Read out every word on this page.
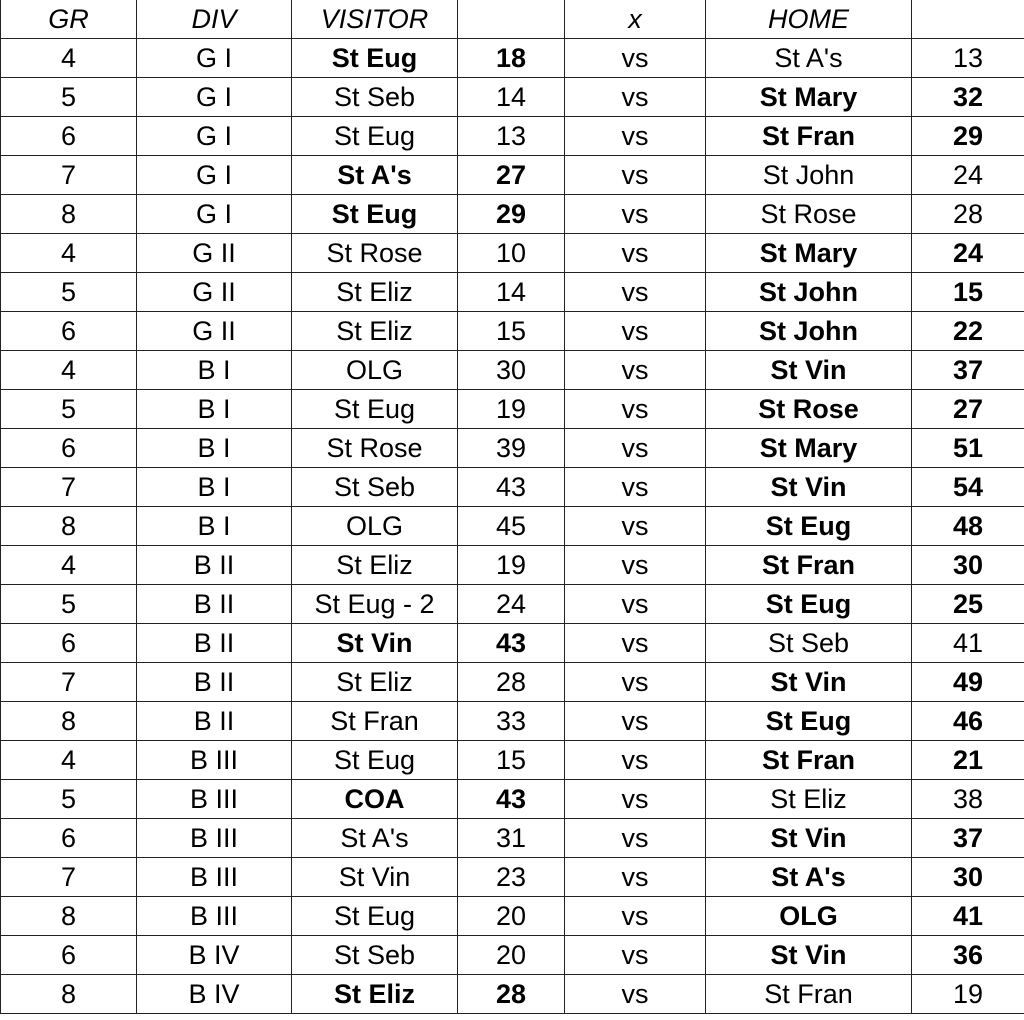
GR	DIV	VISITOR		x	HOME	
4	G I	St Eug	18	vs	St A's	13
5	G I	St Seb	14	vs	St Mary	32
6	G I	St Eug	13	vs	St Fran	29
7	G I	St A's	27	vs	St John	24
8	G I	St Eug	29	vs	St Rose	28
4	G II	St Rose	10	vs	St Mary	24
5	G II	St Eliz	14	vs	St John	15
6	G II	St Eliz	15	vs	St John	22
4	B I	OLG	30	vs	St Vin	37
5	B I	St Eug	19	vs	St Rose	27
6	B I	St Rose	39	vs	St Mary	51
7	B I	St Seb	43	vs	St Vin	54
8	B I	OLG	45	vs	St Eug	48
4	B II	St Eliz	19	vs	St Fran	30
5	B II	St Eug - 2	24	vs	St Eug	25
6	B II	St Vin	43	vs	St Seb	41
7	B II	St Eliz	28	vs	St Vin	49
8	B II	St Fran	33	vs	St Eug	46
4	B III	St Eug	15	vs	St Fran	21
5	B III	COA	43	vs	St Eliz	38
6	B III	St A's	31	vs	St Vin	37
7	B III	St Vin	23	vs	St A's	30
8	B III	St Eug	20	vs	OLG	41
6	B IV	St Seb	20	vs	St Vin	36
8	B IV	St Eliz	28	vs	St Fran	19
